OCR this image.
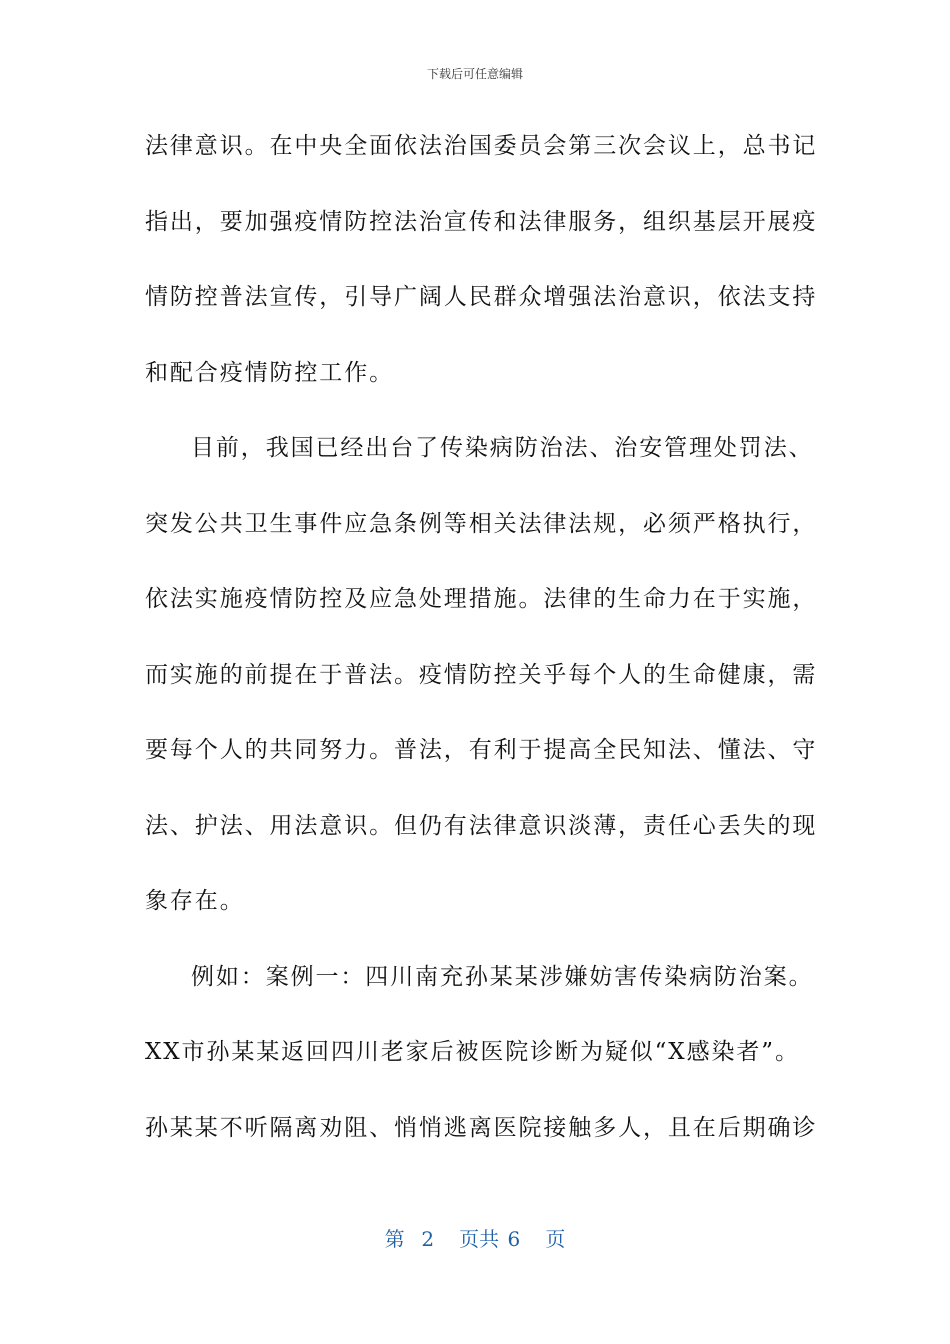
下载后可任意编辑
法律意识。在中央全面依法治国委员会第三次会议上，总书记
指出，要加强疫情防控法治宣传和法律服务，组织基层开展疫
情防控普法宣传，引导广阔人民群众增强法治意识，依法支持
和配合疫情防控工作。
目前，我国已经出台了传染病防治法、治安管理处罚法、
突发公共卫生事件应急条例等相关法律法规，必须严格执行，
依法实施疫情防控及应急处理措施。法律的生命力在于实施，
而实施的前提在于普法。疫情防控关乎每个人的生命健康，需
要每个人的共同努力。普法，有利于提高全民知法、懂法、守
法、护法、用法意识。但仍有法律意识淡薄，责任心丢失的现
象存在。
例如：案例一：四川南充孙某某涉嫌妨害传染病防治案。
XX市孙某某返回四川老家后被医院诊断为疑似“X感染者”。
孙某某不听隔离劝阻、悄悄逃离医院接触多人，且在后期确诊
第  2   页共 6   页
